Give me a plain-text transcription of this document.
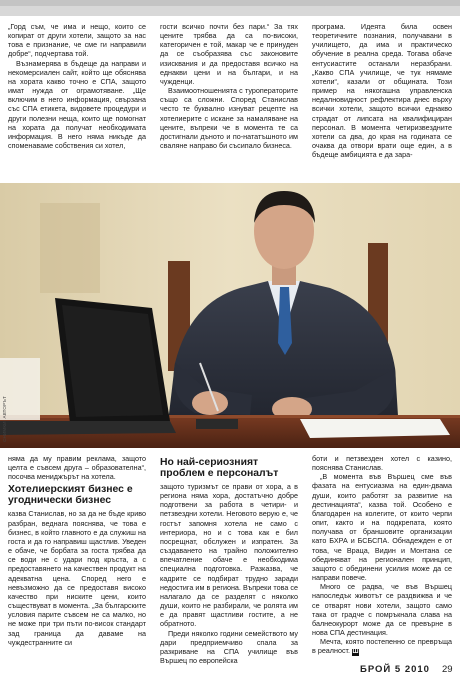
„Горд съм, че има и нещо, които се копират от други хотели, защото за нас това е признание, че сме ги направили добре“, подчертава той.

Възнамерява в бъдеще да направи и некомерсиален сайт, който ще обяснява на хората какво точно е СПА, защото имат нужда от ограмотяване. „Ще включим в него информация, свързана със СПА етикета, видовете процедури и други полезни неща, които ще помогнат на хората да получат необходимата информация. В него няма никъде да споменаваме собствения си хотел,

гости всичко почти без пари.“ За тях цените трябва да са по-високи, категоричен е той, макар че е принуден да се съобразява със законовите изисквания и да предоставя всичко на еднакви цени и на българи, и на чужденци.

Взаимоотношенията с туроператорите също са сложни. Според Станислав често те буквално изнуват рецепте на хотелиерите с искане за намаляване на цените, въпреки че в момента те са достигнали дъното и по-нататъшното им сваляне направо би съсипало бизнеса.

програма. Идеята била освен теоретичните познания, получавани в училището, да има и практическо обучение в реална среда. Тогава обаче ентусиастите останали неразбрани. „Какво СПА училище, че тук нямаме хотели“, казали от общината. Този пример на някогашна управленска недалновидност рефлектира днес върху всички хотели, защото всички еднакво страдат от липсата на квалифициран персонал. В момента четиризвездните хотели са два, до края на годината се очаква да отвори врати още един, а в бъдеще амбицията е да зара-

СНИМКИ: АВТОРЪТ

няма да му правим реклама, защото целта е съвсем друга – образователна“, посочва мениджърът на хотела.

Хотелиерският бизнес е угоднически бизнес

казва Станислав, но за да не бъде криво разбран, веднага пояснява, че това е бизнес, в който главното е да служиш на госта и да го направиш щастлив. Уведен е обаче, че борбата за госта трябва да се води не с удари под кръста, а с предоставянето на качествен продукт на адекватна цена. Според него е невъзможно да се предоставя високо качество при ниските цени, които съществуват в момента. „За българските условия парите съвсем не са малко, но не може при три пъти по-висок стандарт зад граница да даваме на чуждестранните си

Но най-сериозният проблем е персоналът

защото туризмът се прави от хора, а в региона няма хора, достатъчно добре подготвени за работа в четири- и петзвездни хотели. Неговото верую е, че гостът запомня хотела не само с интериора, но и с това как е бил посрещнат, обслужен и изпратен. За създаването на трайно положително впечатление обаче е необходима специална подготовка. Разказва, че кадрите се подбират трудно заради недостига им в региона. Въпреки това се налагало да се разделят с няколко души, които не разбирали, че ролята им е да правят щастливи гостите, а не обратното.

Преди няколко години семейството му дари предприемчиво спала за разкриване на СПА училище във Вършец по европейска

боти и петзвезден хотел с казино, пояснява Станислав.

„В момента във Вършец сме във фазата на ентусиазма на един-двама души, които работят за развитие на дестинацията“, казва той. Особено е благодарен на колегите, от които черпи опит, както и на подкрепата, която получава от браншовите организации като БХРА и БСБСПА. Обнадежден е от това, че Враца, Видин и Монтана се обединяват на регионален принцип, защото с обединени усилия може да се направи повече.

Много се радва, че във Вършец напоследък животът се раздвижва и че се отварят нови хотели, защото само така от градче с помръкнала слава на балнеокурорт може да се превърне в нова СПА дестинация.

Мечта, която постепенно се превръща в реалност. Ш

БРОЙ 5 2010 29
